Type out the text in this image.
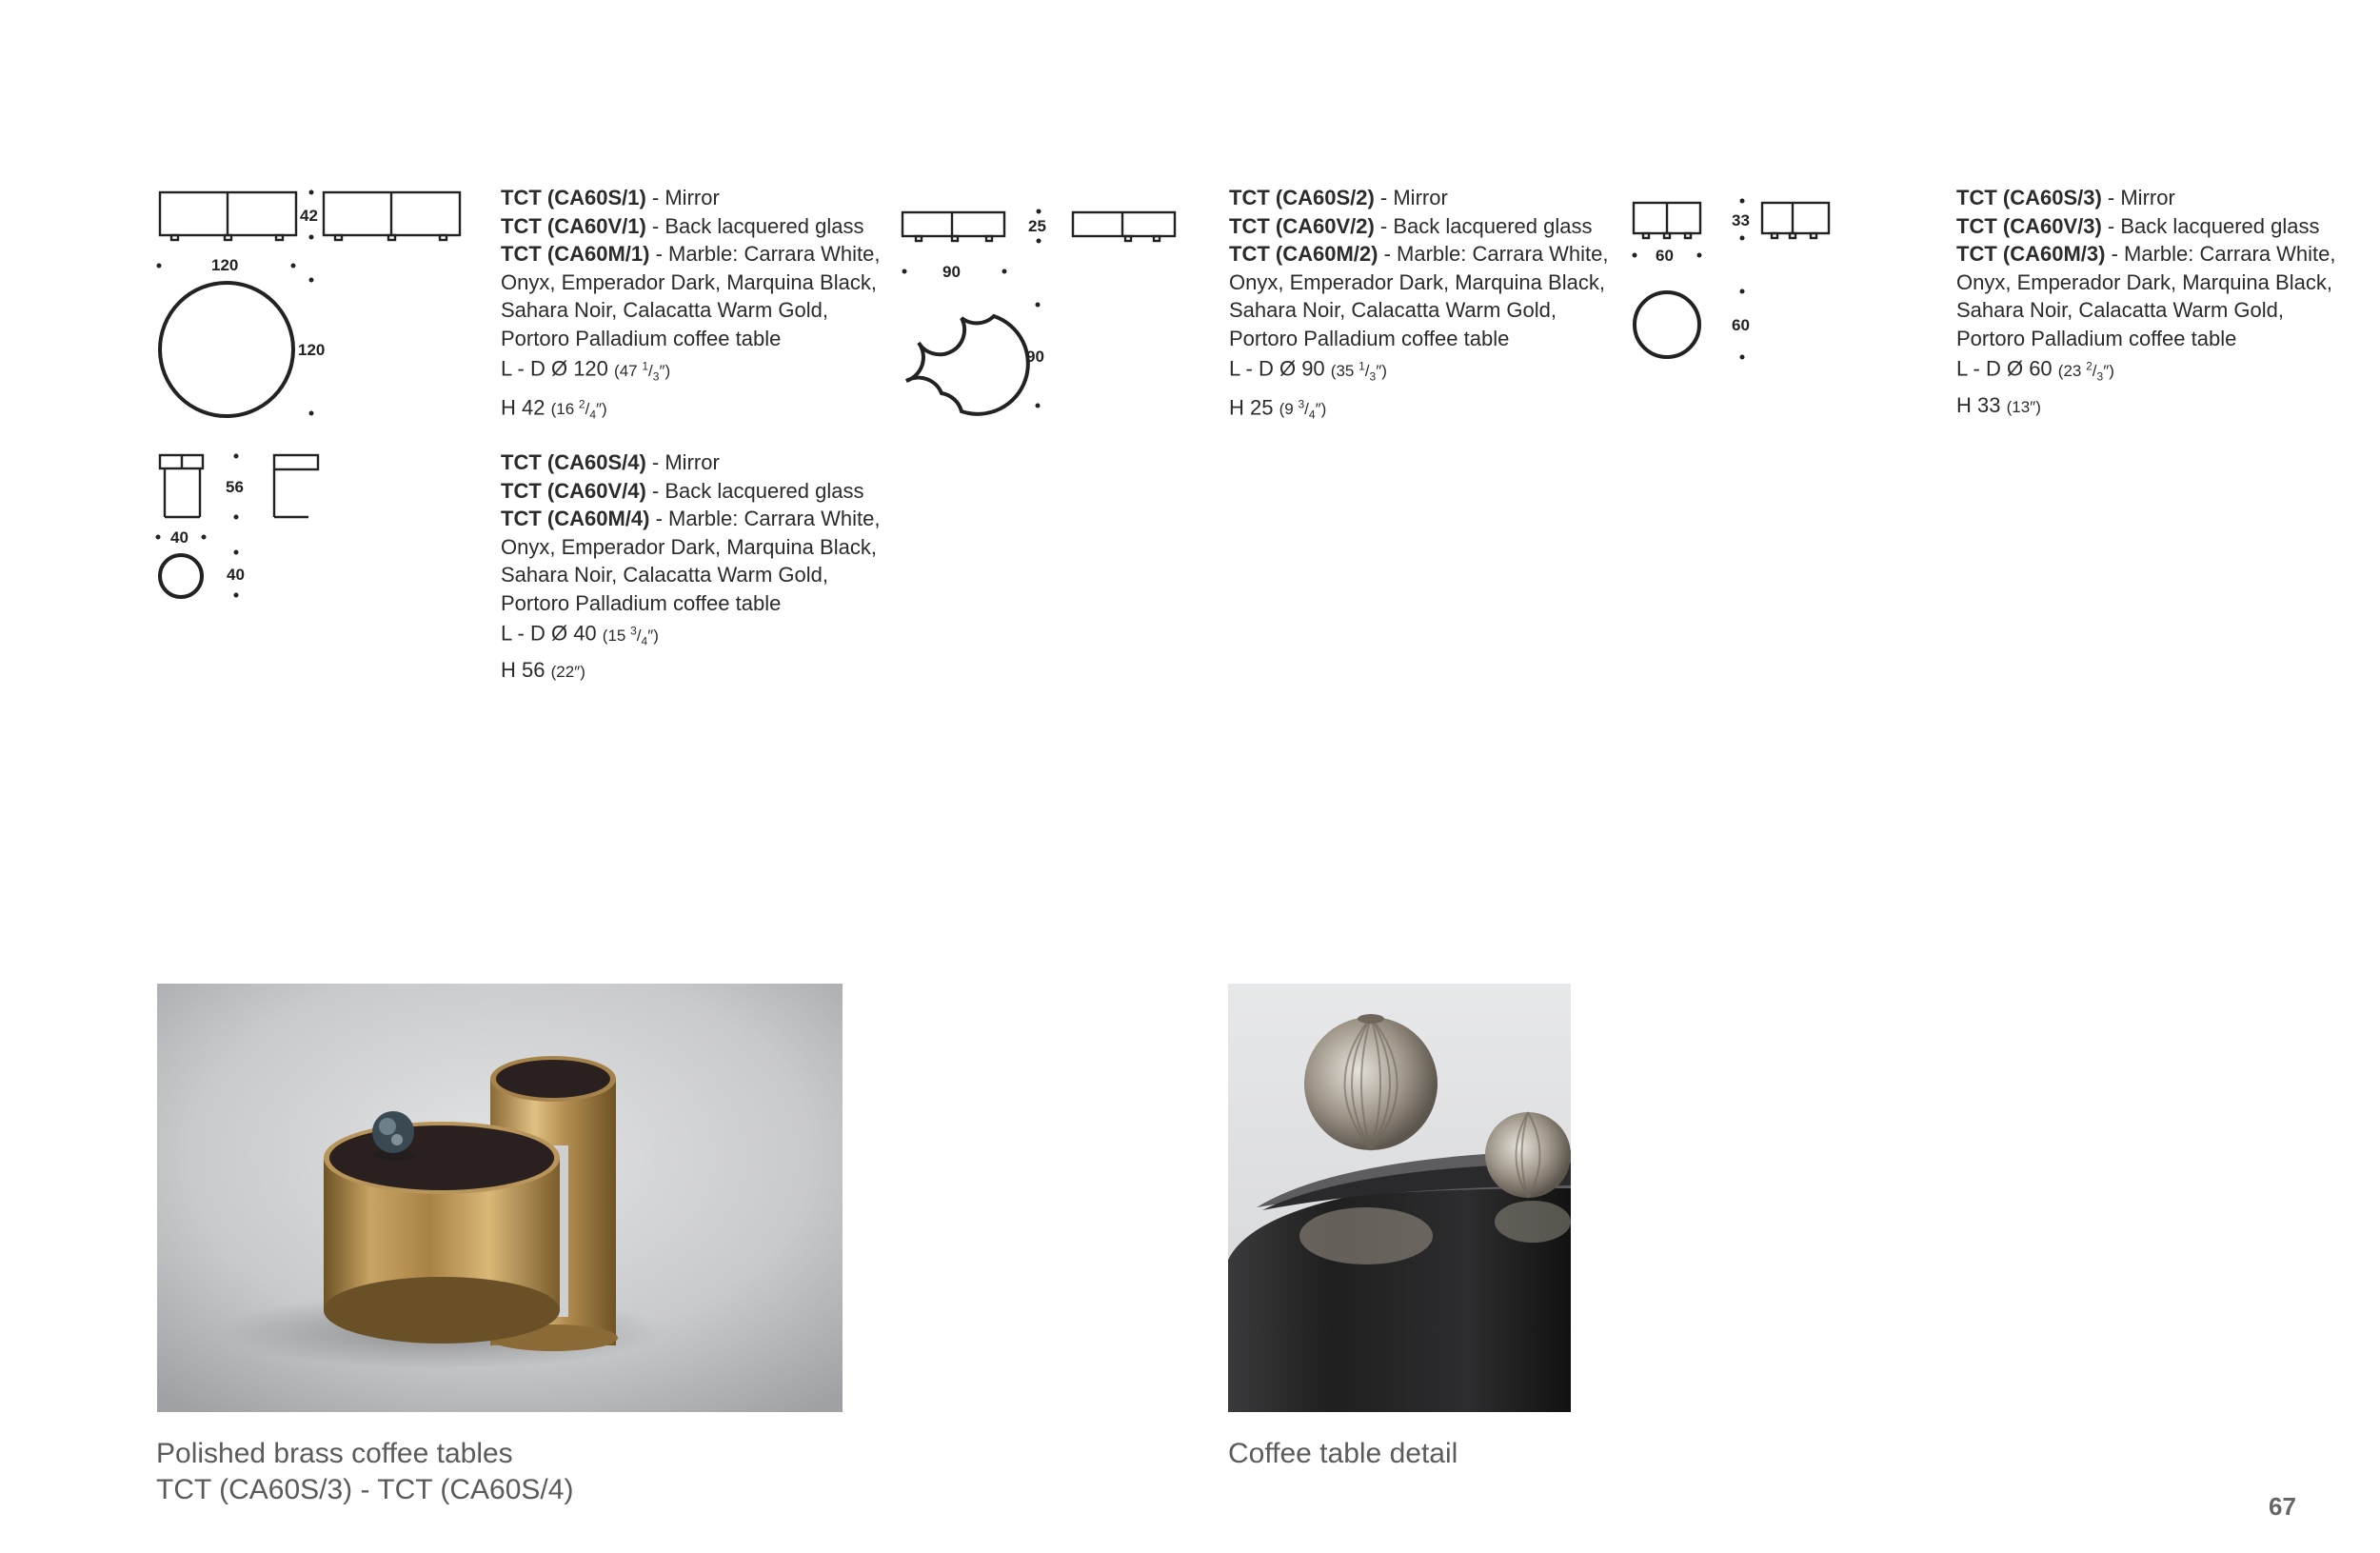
42
120
120
56
40
40
25
90
90
33
60
60
TCT (CA60S/1) - Mirror
TCT (CA60V/1) - Back lacquered glass
TCT (CA60M/1) - Marble: Carrara White,
Onyx, Emperador Dark, Marquina Black,
Sahara Noir, Calacatta Warm Gold,
Portoro Palladium coffee table
L - D Ø 120 (47 $^1/_3''$)
H 42 (16 $^2/_4''$)
TCT (CA60S/2) - Mirror
TCT (CA60V/2) - Back lacquered glass
TCT (CA60M/2) - Marble: Carrara White,
Onyx, Emperador Dark, Marquina Black,
Sahara Noir, Calacatta Warm Gold,
Portoro Palladium coffee table
L - D Ø 90 (35 $^1/_3''$)
H 25 (9 $^3/_4''$)
TCT (CA60S/3) - Mirror
TCT (CA60V/3) - Back lacquered glass
TCT (CA60M/3) - Marble: Carrara White,
Onyx, Emperador Dark, Marquina Black,
Sahara Noir, Calacatta Warm Gold,
Portoro Palladium coffee table
L - D Ø 60 (23 $^2/_3''$)
H 33 (13″)
TCT (CA60S/4) - Mirror
TCT (CA60V/4) - Back lacquered glass
TCT (CA60M/4) - Marble: Carrara White,
Onyx, Emperador Dark, Marquina Black,
Sahara Noir, Calacatta Warm Gold,
Portoro Palladium coffee table
L - D Ø 40 (15 $^3/_4''$)
H 56 (22″)
Polished brass coffee tables
TCT (CA60S/3) - TCT (CA60S/4)
Coffee table detail
67
